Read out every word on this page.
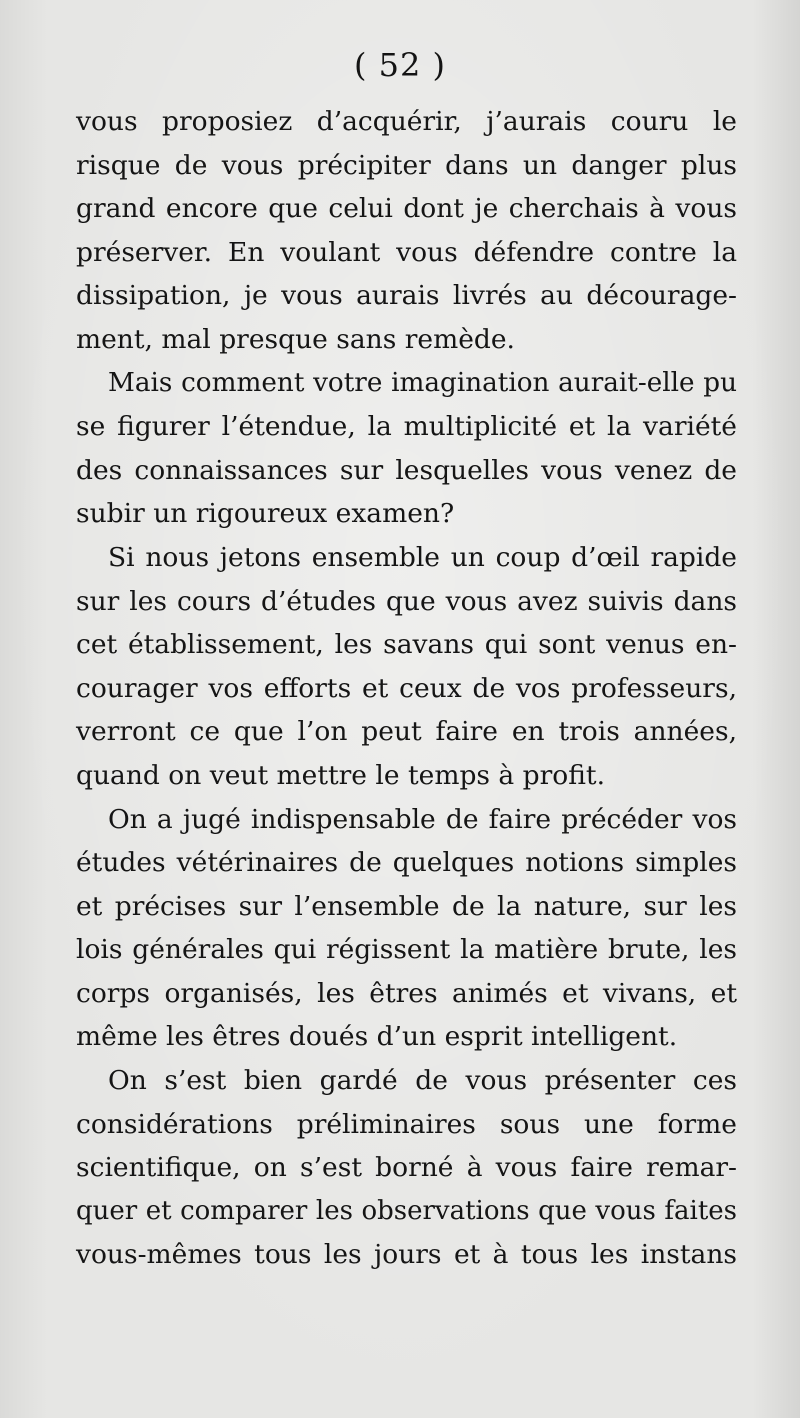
( 52 )
vous proposiez d’acquérir, j’aurais couru le
risque de vous précipiter dans un danger plus
grand encore que celui dont je cherchais à vous
préserver. En voulant vous défendre contre la
dissipation, je vous aurais livrés au décourage-
ment, mal presque sans remède.
Mais comment votre imagination aurait-elle pu
se figurer l’étendue, la multiplicité et la variété
des connaissances sur lesquelles vous venez de
subir un rigoureux examen?
Si nous jetons ensemble un coup d’œil rapide
sur les cours d’études que vous avez suivis dans
cet établissement, les savans qui sont venus en-
courager vos efforts et ceux de vos professeurs,
verront ce que l’on peut faire en trois années,
quand on veut mettre le temps à profit.
On a jugé indispensable de faire précéder vos
études vétérinaires de quelques notions simples
et précises sur l’ensemble de la nature, sur les
lois générales qui régissent la matière brute, les
corps organisés, les êtres animés et vivans, et
même les êtres doués d’un esprit intelligent.
On s’est bien gardé de vous présenter ces
considérations préliminaires sous une forme
scientifique, on s’est borné à vous faire remar-
quer et comparer les observations que vous faites
vous-mêmes tous les jours et à tous les instans
